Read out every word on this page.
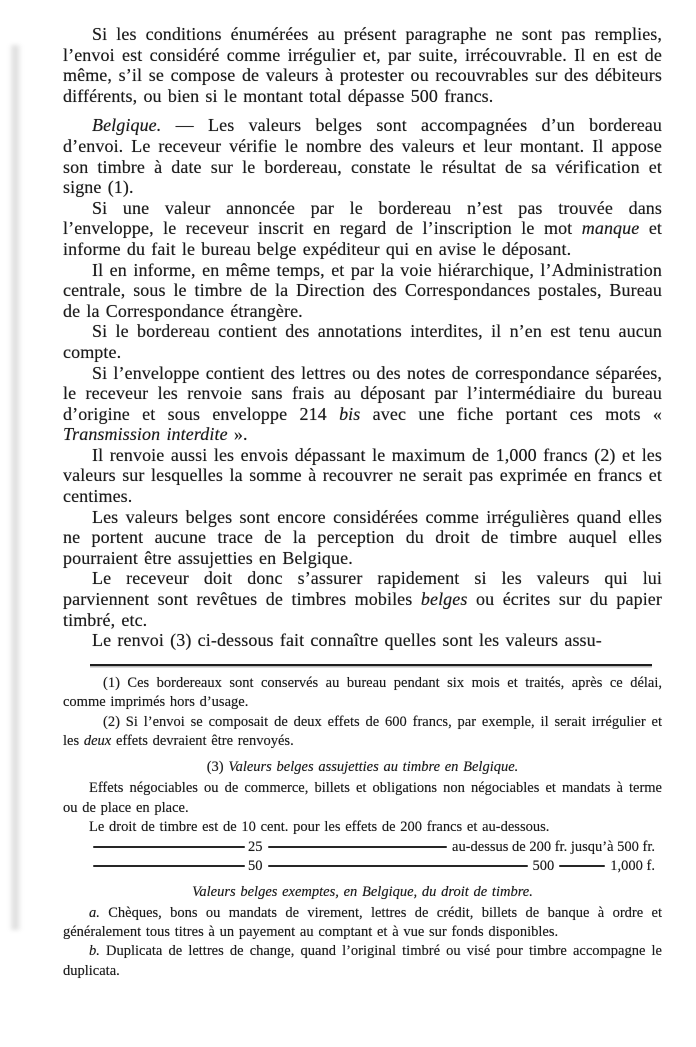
Si les conditions énumérées au présent paragraphe ne sont pas remplies, l’envoi est considéré comme irrégulier et, par suite, irrécouvrable. Il en est de même, s’il se compose de valeurs à protester ou recouvrables sur des débiteurs différents, ou bien si le montant total dépasse 500 francs.

Belgique. — Les valeurs belges sont accompagnées d’un bordereau d’envoi. Le receveur vérifie le nombre des valeurs et leur montant. Il appose son timbre à date sur le bordereau, constate le résultat de sa vérification et signe (1).

Si une valeur annoncée par le bordereau n’est pas trouvée dans l’enveloppe, le receveur inscrit en regard de l’inscription le mot manque et informe du fait le bureau belge expéditeur qui en avise le déposant.

Il en informe, en même temps, et par la voie hiérarchique, l’Administration centrale, sous le timbre de la Direction des Correspondances postales, Bureau de la Correspondance étrangère.

Si le bordereau contient des annotations interdites, il n’en est tenu aucun compte.

Si l’enveloppe contient des lettres ou des notes de correspondance séparées, le receveur les renvoie sans frais au déposant par l’intermédiaire du bureau d’origine et sous enveloppe 214 bis avec une fiche portant ces mots « Transmission interdite ».

Il renvoie aussi les envois dépassant le maximum de 1,000 francs (2) et les valeurs sur lesquelles la somme à recouvrer ne serait pas exprimée en francs et centimes.

Les valeurs belges sont encore considérées comme irrégulières quand elles ne portent aucune trace de la perception du droit de timbre auquel elles pourraient être assujetties en Belgique.

Le receveur doit donc s’assurer rapidement si les valeurs qui lui parviennent sont revêtues de timbres mobiles belges ou écrites sur du papier timbré, etc.

Le renvoi (3) ci-dessous fait connaître quelles sont les valeurs assu-

(1) Ces bordereaux sont conservés au bureau pendant six mois et traités, après ce délai, comme imprimés hors d’usage.

(2) Si l’envoi se composait de deux effets de 600 francs, par exemple, il serait irrégulier et les deux effets devraient être renvoyés.

(3) Valeurs belges assujetties au timbre en Belgique.

Effets négociables ou de commerce, billets et obligations non négociables et mandats à terme ou de place en place.

Le droit de timbre est de 10 cent. pour les effets de 200 francs et au-dessous.

25	au-dessus de 200 fr. jusqu’à 500 fr.
50	500	1,000 f.

Valeurs belges exemptes, en Belgique, du droit de timbre.

a. Chèques, bons ou mandats de virement, lettres de crédit, billets de banque à ordre et généralement tous titres à un payement au comptant et à vue sur fonds disponibles.

b. Duplicata de lettres de change, quand l’original timbré ou visé pour timbre accompagne le duplicata.
